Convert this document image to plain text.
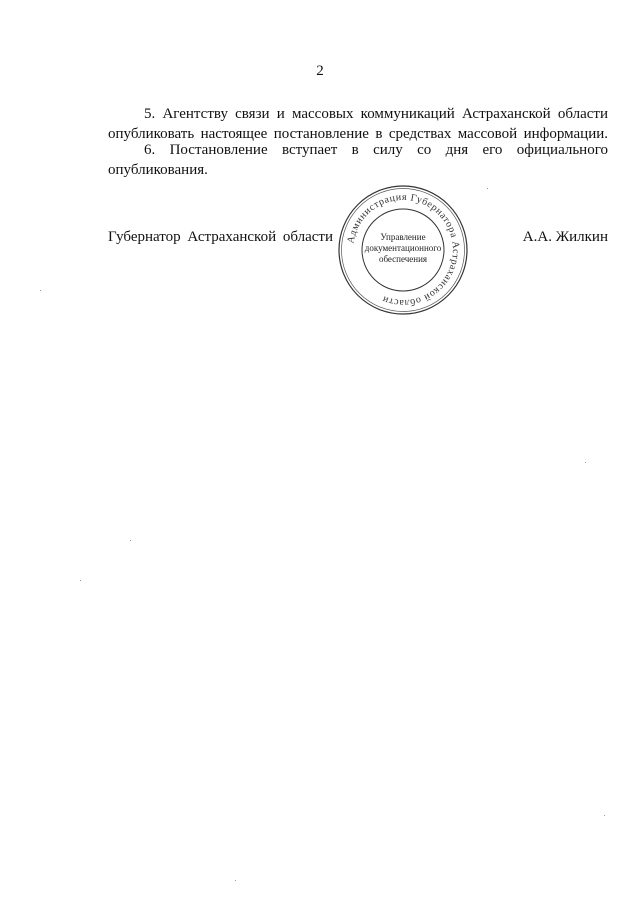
2
5. Агентству связи и массовых коммуникаций Астраханской области
опубликовать настоящее постановление в средствах массовой информации.
6. Постановление вступает в силу со дня его официального
опубликования.
Губернатор Астраханской области	А.А. Жилкин
Администрация Губернатора Астраханской области
Управление
документационного
обеспечения
